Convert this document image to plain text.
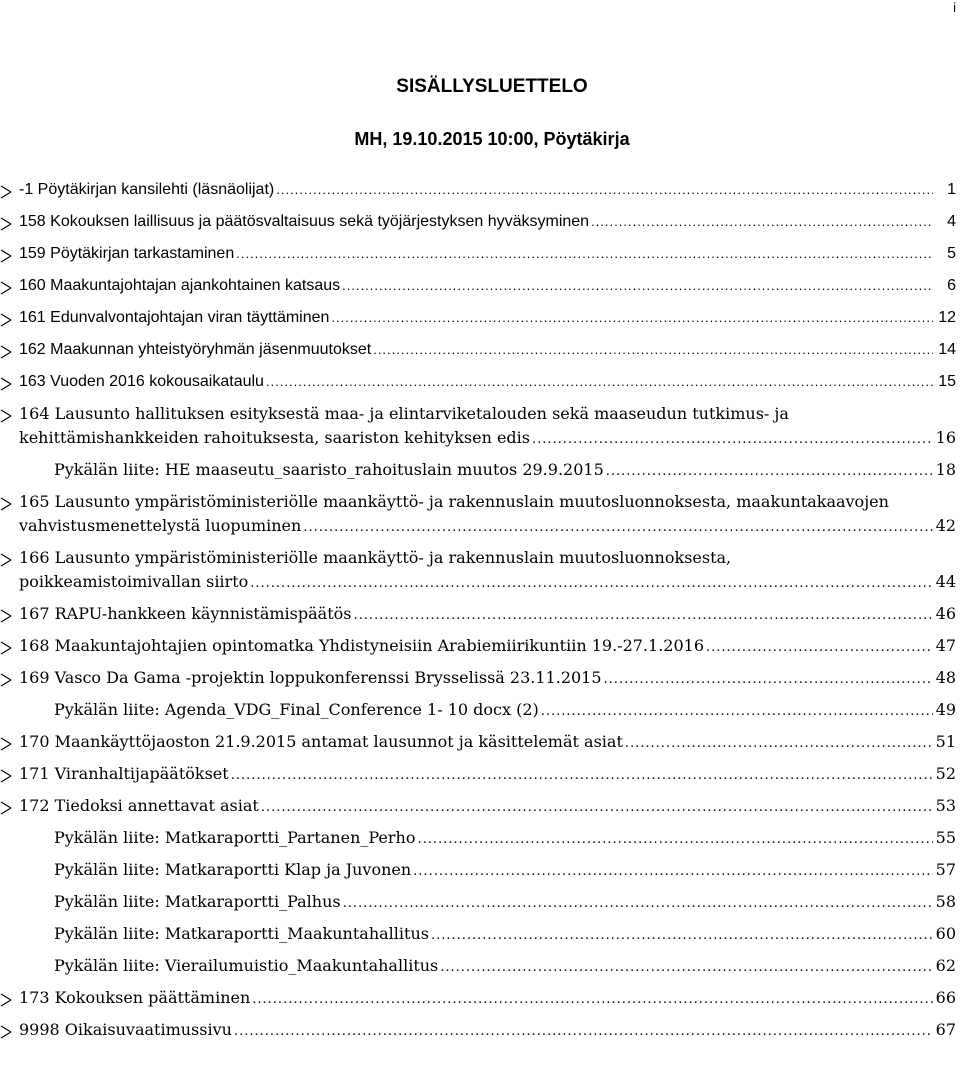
i
SISÄLLYSLUETTELO
MH, 19.10.2015 10:00, Pöytäkirja
-1 Pöytäkirjan kansilehti (läsnäolijat) .....	1
158 Kokouksen laillisuus ja päätösvaltaisuus sekä työjärjestyksen hyväksyminen .....	4
159 Pöytäkirjan tarkastaminen .....	5
160 Maakuntajohtajan ajankohtainen katsaus .....	6
161 Edunvalvontajohtajan viran täyttäminen .....	12
162 Maakunnan yhteistyöryhmän jäsenmuutokset .....	14
163 Vuoden 2016 kokousaikataulu .....	15
164 Lausunto hallituksen esityksestä maa- ja elintarviketalouden sekä maaseudun tutkimus- ja
kehittämishankkeiden rahoituksesta, saariston kehityksen edis .....	16
Pykälän liite: HE maaseutu_saaristo_rahoituslain muutos 29.9.2015 .....	18
165 Lausunto ympäristöministeriölle maankäyttö- ja rakennuslain muutosluonnoksesta, maakuntakaavojen
vahvistusmenettelystä luopuminen .....	42
166 Lausunto ympäristöministeriölle maankäyttö- ja rakennuslain muutosluonnoksesta,
poikkeamistoimivallan siirto .....	44
167 RAPU-hankkeen käynnistämispäätös .....	46
168 Maakuntajohtajien opintomatka Yhdistyneisiin Arabiemiirikuntiin 19.-27.1.2016 .....	47
169 Vasco Da Gama -projektin loppukonferenssi Brysselissä 23.11.2015 .....	48
Pykälän liite: Agenda_VDG_Final_Conference 1- 10 docx (2) .....	49
170 Maankäyttöjaoston 21.9.2015 antamat lausunnot ja käsittelemät asiat .....	51
171 Viranhaltijapäätökset .....	52
172 Tiedoksi annettavat asiat .....	53
Pykälän liite: Matkaraportti_Partanen_Perho .....	55
Pykälän liite: Matkaraportti Klap ja Juvonen .....	57
Pykälän liite: Matkaraportti_Palhus .....	58
Pykälän liite: Matkaraportti_Maakuntahallitus .....	60
Pykälän liite: Vierailumuistio_Maakuntahallitus .....	62
173 Kokouksen päättäminen .....	66
9998 Oikaisuvaatimussivu .....	67
